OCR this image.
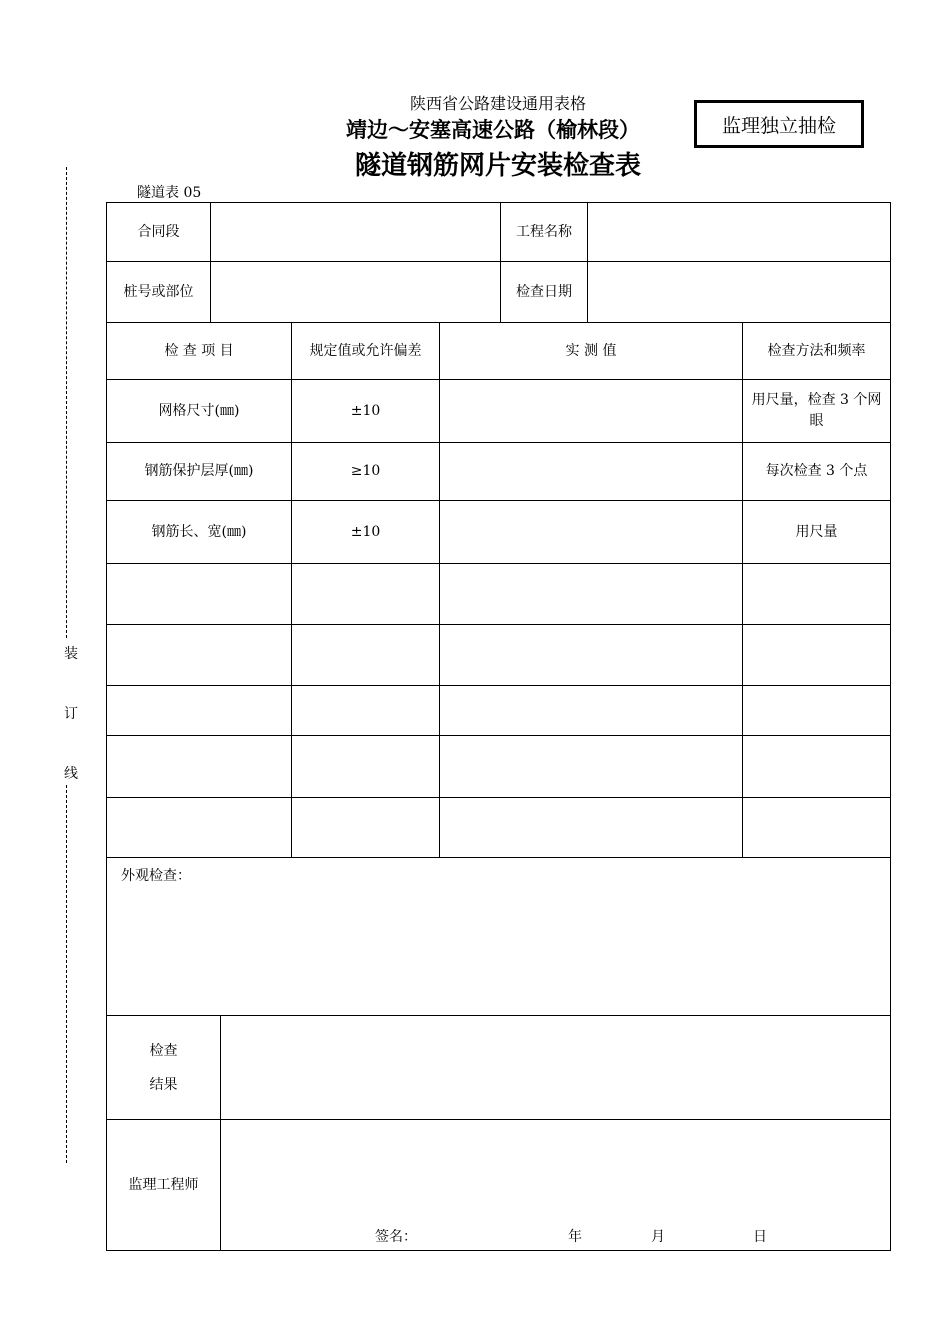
陕西省公路建设通用表格
靖边～安塞高速公路（榆林段）
隧道钢筋网片安装检查表
监理独立抽检
隧道表 05
装
订
线
合同段					工程名称		
桩号或部位					检查日期		
检 查 项 目			规定值或允许偏差	实 测 值			检查方法和频率
网格尺寸(㎜)			±10				用尺量，检查 3 个网眼
钢筋保护层厚(㎜)			≥10				每次检查 3 个点
钢筋长、宽(㎜)			±10				用尺量

外观检查：							

检查
结果							

监理工程师		签名： 年 月 日					
